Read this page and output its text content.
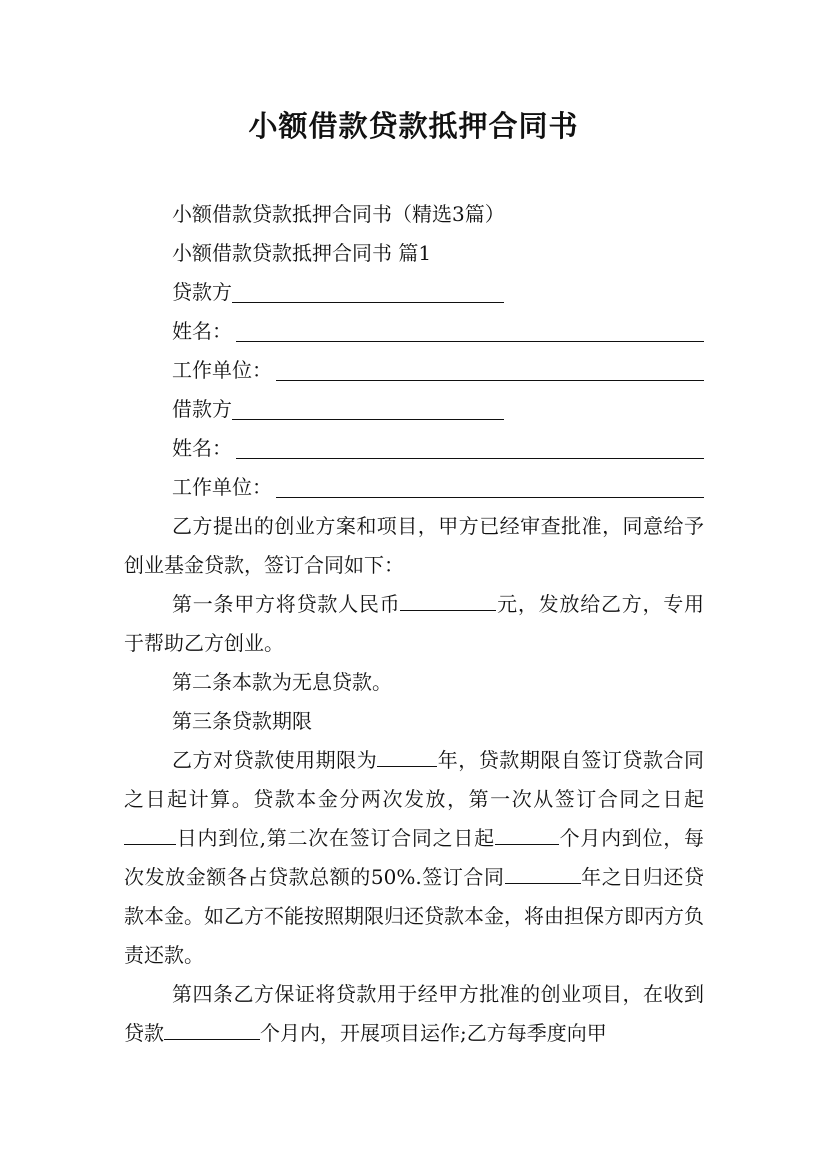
小额借款贷款抵押合同书
小额借款贷款抵押合同书（精选3篇）
小额借款贷款抵押合同书 篇1
贷款方
姓名：
工作单位：
借款方
姓名：
工作单位：

乙方提出的创业方案和项目，甲方已经审查批准，同意给予创业基金贷款，签订合同如下：

第一条甲方将贷款人民币	元，发放给乙方，专用于帮助乙方创业。

第二条本款为无息贷款。

第三条贷款期限

乙方对贷款使用期限为	年，贷款期限自签订贷款合同之日起计算。贷款本金分两次发放，第一次从签订合同之日起日内到位,第二次在签订合同之日起	个月内到位，每次发放金额各占贷款总额的50%.签订合同	年之日归还贷款本金。如乙方不能按照期限归还贷款本金，将由担保方即丙方负责还款。

第四条乙方保证将贷款用于经甲方批准的创业项目，在收到贷款	个月内，开展项目运作;乙方每季度向甲
